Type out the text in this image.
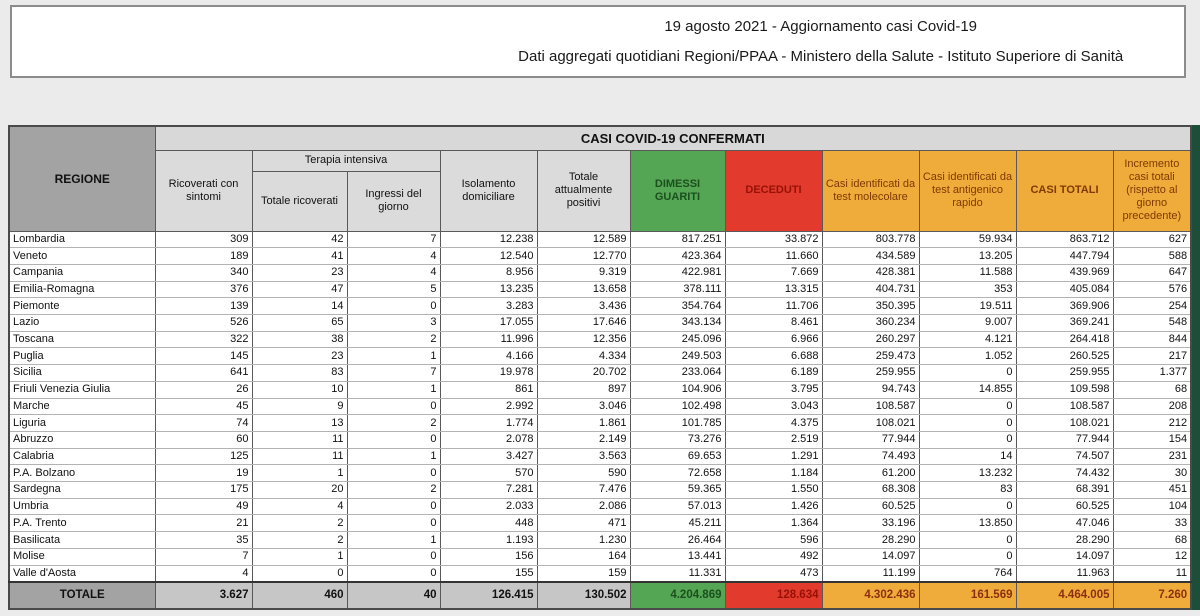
19 agosto 2021 - Aggiornamento casi Covid-19
Dati aggregati quotidiani Regioni/PPAA - Ministero della Salute - Istituto Superiore di Sanità
REGIONE	CASI COVID-19 CONFERMATI										
	Ricoverati con sintomi	Terapia intensiva		Isolamento domiciliare	Totale attualmente positivi	DIMESSI GUARITI	DECEDUTI	Casi identificati da test molecolare	Casi identificati da test antigenico rapido	CASI TOTALI	Incremento casi totali (rispetto al giorno precedente)
		Totale ricoverati	Ingressi del giorno								
Lombardia	309	42	7	12.238	12.589	817.251	33.872	803.778	59.934	863.712	627
Veneto	189	41	4	12.540	12.770	423.364	11.660	434.589	13.205	447.794	588
Campania	340	23	4	8.956	9.319	422.981	7.669	428.381	11.588	439.969	647
Emilia-Romagna	376	47	5	13.235	13.658	378.111	13.315	404.731	353	405.084	576
Piemonte	139	14	0	3.283	3.436	354.764	11.706	350.395	19.511	369.906	254
Lazio	526	65	3	17.055	17.646	343.134	8.461	360.234	9.007	369.241	548
Toscana	322	38	2	11.996	12.356	245.096	6.966	260.297	4.121	264.418	844
Puglia	145	23	1	4.166	4.334	249.503	6.688	259.473	1.052	260.525	217
Sicilia	641	83	7	19.978	20.702	233.064	6.189	259.955	0	259.955	1.377
Friuli Venezia Giulia	26	10	1	861	897	104.906	3.795	94.743	14.855	109.598	68
Marche	45	9	0	2.992	3.046	102.498	3.043	108.587	0	108.587	208
Liguria	74	13	2	1.774	1.861	101.785	4.375	108.021	0	108.021	212
Abruzzo	60	11	0	2.078	2.149	73.276	2.519	77.944	0	77.944	154
Calabria	125	11	1	3.427	3.563	69.653	1.291	74.493	14	74.507	231
P.A. Bolzano	19	1	0	570	590	72.658	1.184	61.200	13.232	74.432	30
Sardegna	175	20	2	7.281	7.476	59.365	1.550	68.308	83	68.391	451
Umbria	49	4	0	2.033	2.086	57.013	1.426	60.525	0	60.525	104
P.A. Trento	21	2	0	448	471	45.211	1.364	33.196	13.850	47.046	33
Basilicata	35	2	1	1.193	1.230	26.464	596	28.290	0	28.290	68
Molise	7	1	0	156	164	13.441	492	14.097	0	14.097	12
Valle d'Aosta	4	0	0	155	159	11.331	473	11.199	764	11.963	11
TOTALE	3.627	460	40	126.415	130.502	4.204.869	128.634	4.302.436	161.569	4.464.005	7.260
